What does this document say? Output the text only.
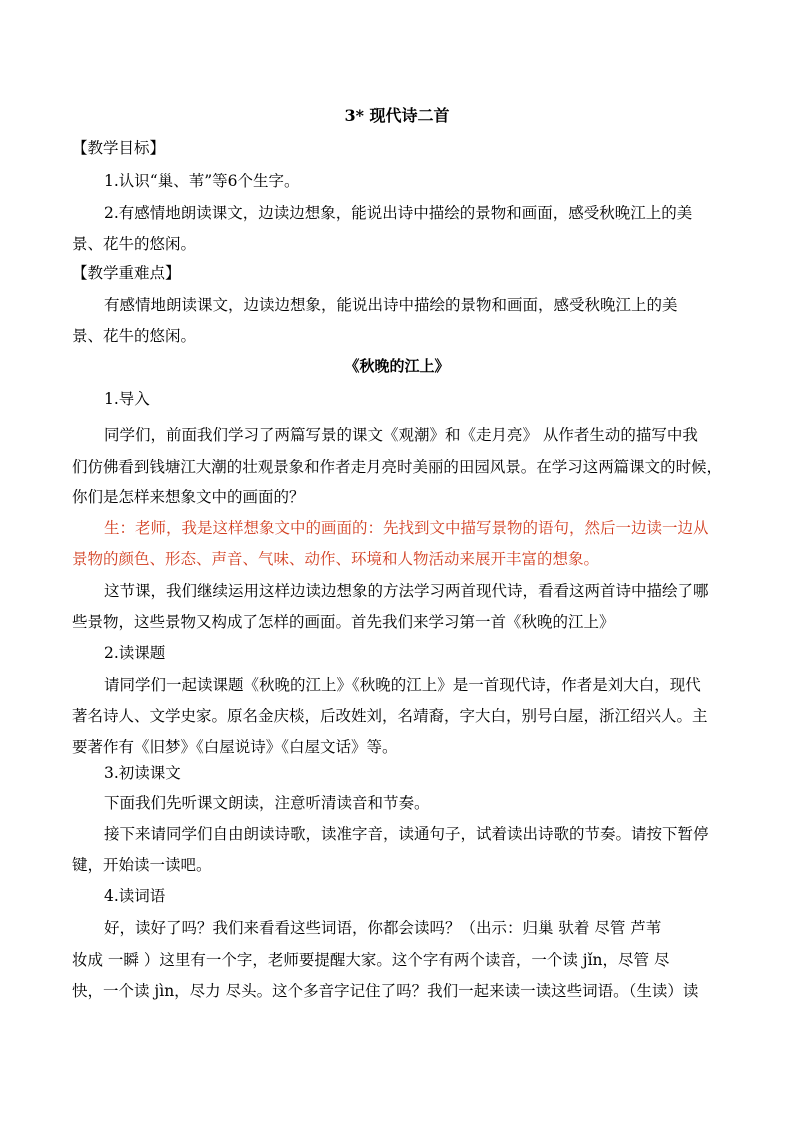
3* 现代诗二首
【教学目标】
1.认识“巢、苇”等6个生字。
2.有感情地朗读课文，边读边想象，能说出诗中描绘的景物和画面，感受秋晚江上的美
景、花牛的悠闲。
【教学重难点】
有感情地朗读课文，边读边想象，能说出诗中描绘的景物和画面，感受秋晚江上的美
景、花牛的悠闲。
《秋晚的江上》
1.导入
同学们，前面我们学习了两篇写景的课文《观潮》和《走月亮》 从作者生动的描写中我
们仿佛看到钱塘江大潮的壮观景象和作者走月亮时美丽的田园风景。在学习这两篇课文的时候，
你们是怎样来想象文中的画面的？
生：老师，我是这样想象文中的画面的：先找到文中描写景物的语句，然后一边读一边从
景物的颜色、形态、声音、气味、动作、环境和人物活动来展开丰富的想象。
这节课，我们继续运用这样边读边想象的方法学习两首现代诗，看看这两首诗中描绘了哪
些景物，这些景物又构成了怎样的画面。首先我们来学习第一首《秋晚的江上》
2.读课题
请同学们一起读课题《秋晚的江上》《秋晚的江上》是一首现代诗，作者是刘大白，现代
著名诗人、文学史家。原名金庆棪，后改姓刘，名靖裔，字大白，别号白屋，浙江绍兴人。主
要著作有《旧梦》《白屋说诗》《白屋文话》等。
3.初读课文
下面我们先听课文朗读，注意听清读音和节奏。
接下来请同学们自由朗读诗歌，读准字音，读通句子，试着读出诗歌的节奏。请按下暂停
键，开始读一读吧。
4.读词语
好，读好了吗？我们来看看这些词语，你都会读吗？（出示：归巢 驮着 尽管 芦苇
妆成 一瞬 ）这里有一个字，老师要提醒大家。这个字有两个读音，一个读 jǐn，尽管 尽
快，一个读 jìn，尽力 尽头。这个多音字记住了吗？我们一起来读一读这些词语。（生读）读
